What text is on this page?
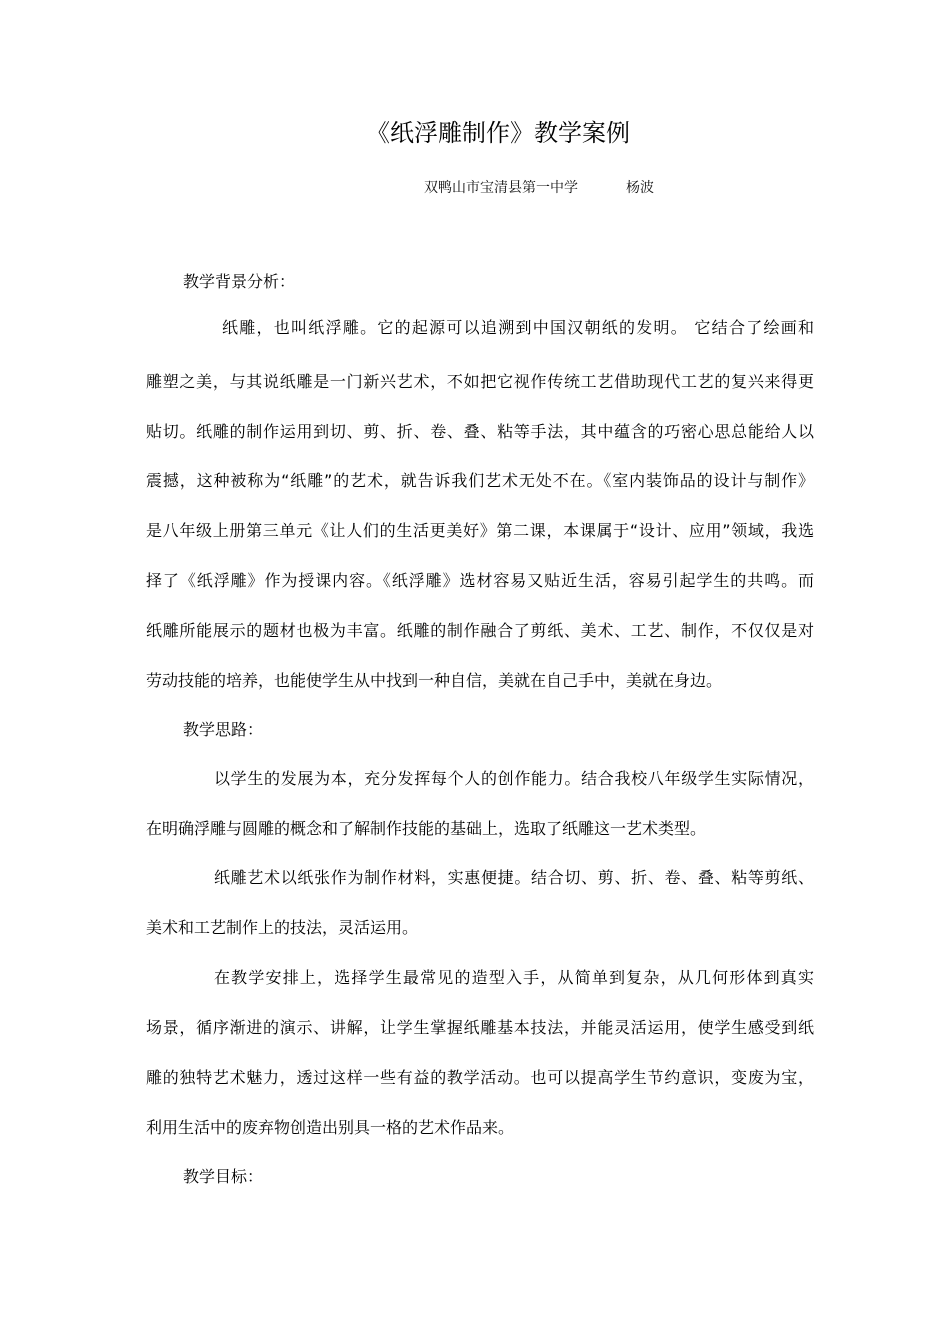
《纸浮雕制作》教学案例
双鸭山市宝清县第一中学	杨波
教学背景分析：
纸雕，也叫纸浮雕。它的起源可以追溯到中国汉朝纸的发明。 它结合了绘画和
雕塑之美，与其说纸雕是一门新兴艺术，不如把它视作传统工艺借助现代工艺的复兴来得更
贴切。纸雕的制作运用到切、剪、折、卷、叠、粘等手法，其中蕴含的巧密心思总能给人以
震撼，这种被称为“纸雕”的艺术，就告诉我们艺术无处不在。《室内装饰品的设计与制作》
是八年级上册第三单元《让人们的生活更美好》第二课，本课属于“设计、应用”领域，我选
择了《纸浮雕》作为授课内容。《纸浮雕》选材容易又贴近生活，容易引起学生的共鸣。而
纸雕所能展示的题材也极为丰富。纸雕的制作融合了剪纸、美术、工艺、制作，不仅仅是对
劳动技能的培养，也能使学生从中找到一种自信，美就在自己手中，美就在身边。
教学思路：
以学生的发展为本，充分发挥每个人的创作能力。结合我校八年级学生实际情况，
在明确浮雕与圆雕的概念和了解制作技能的基础上，选取了纸雕这一艺术类型。
纸雕艺术以纸张作为制作材料，实惠便捷。结合切、剪、折、卷、叠、粘等剪纸、
美术和工艺制作上的技法，灵活运用。
在教学安排上，选择学生最常见的造型入手，从简单到复杂，从几何形体到真实
场景，循序渐进的演示、讲解，让学生掌握纸雕基本技法，并能灵活运用，使学生感受到纸
雕的独特艺术魅力，透过这样一些有益的教学活动。也可以提高学生节约意识，变废为宝，
利用生活中的废弃物创造出别具一格的艺术作品来。
教学目标：
